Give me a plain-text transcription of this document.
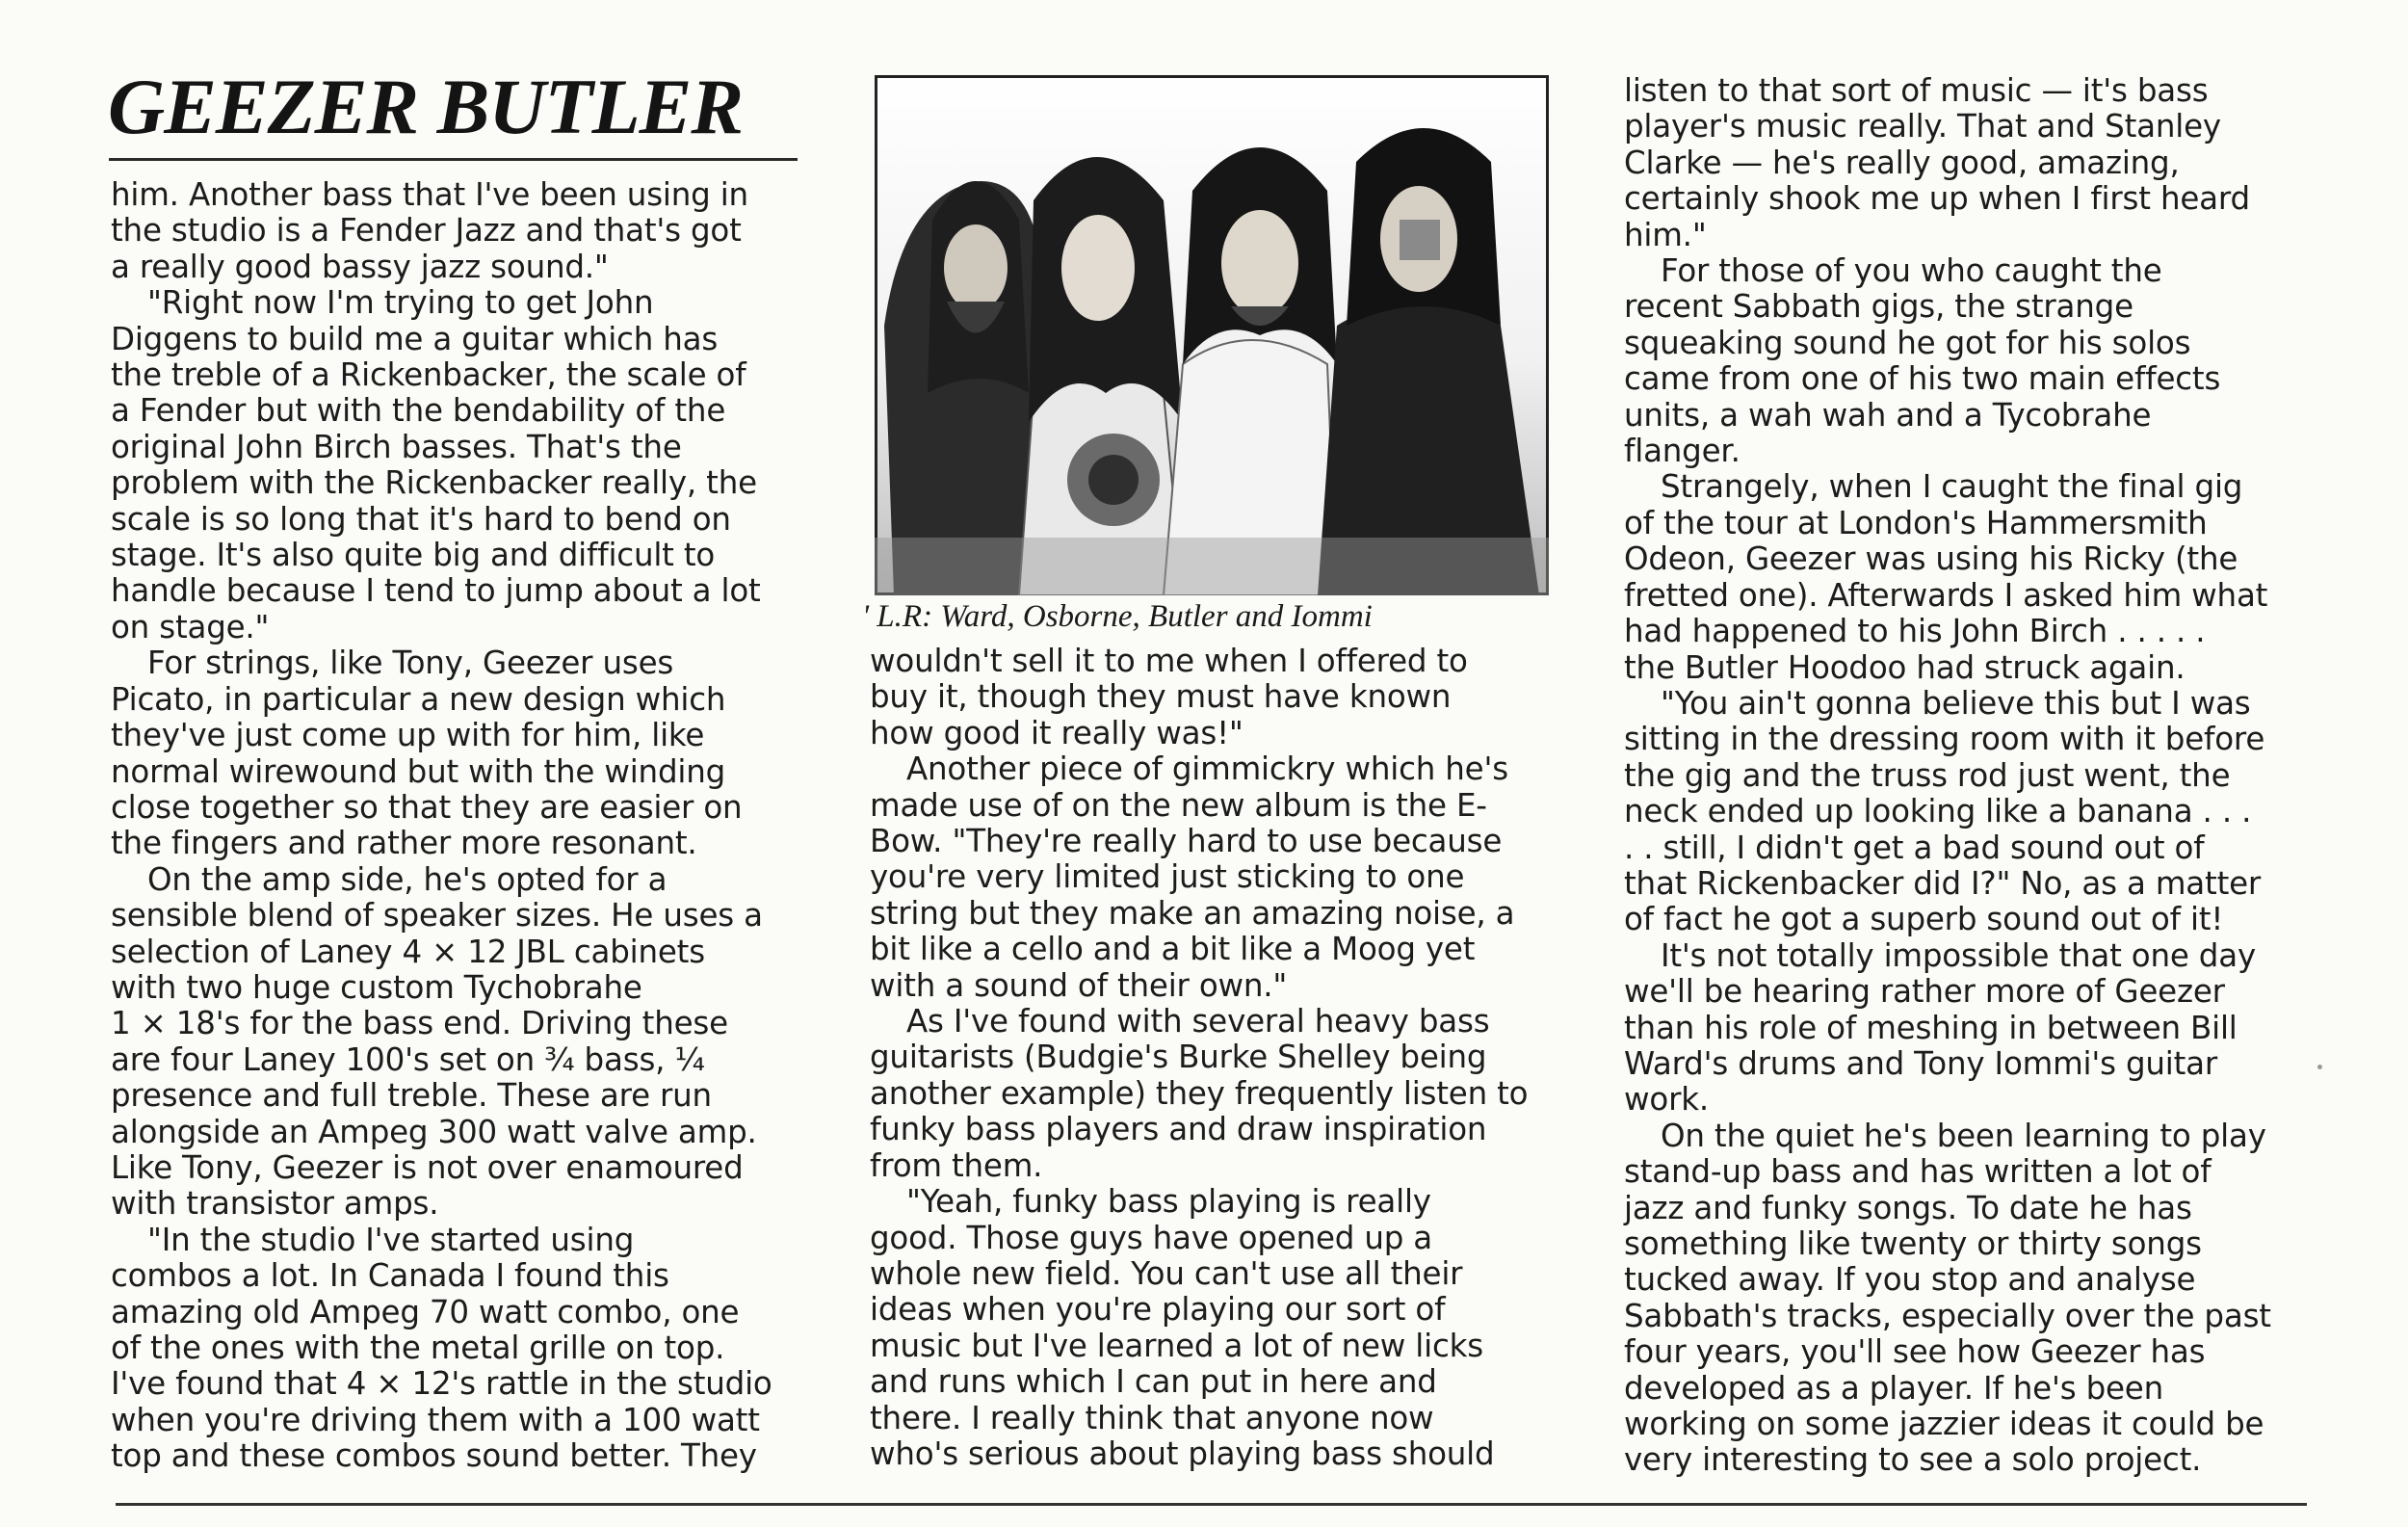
GEEZER BUTLER

him. Another bass that I've been using in
the studio is a Fender Jazz and that's got
a really good bassy jazz sound."

"Right now I'm trying to get John
Diggens to build me a guitar which has
the treble of a Rickenbacker, the scale of
a Fender but with the bendability of the
original John Birch basses. That's the
problem with the Rickenbacker really, the
scale is so long that it's hard to bend on
stage. It's also quite big and difficult to
handle because I tend to jump about a lot
on stage."

For strings, like Tony, Geezer uses
Picato, in particular a new design which
they've just come up with for him, like
normal wirewound but with the winding
close together so that they are easier on
the fingers and rather more resonant.

On the amp side, he's opted for a
sensible blend of speaker sizes. He uses a
selection of Laney 4 × 12 JBL cabinets
with two huge custom Tychobrahe
1 × 18's for the bass end. Driving these
are four Laney 100's set on ¾ bass, ¼
presence and full treble. These are run
alongside an Ampeg 300 watt valve amp.
Like Tony, Geezer is not over enamoured
with transistor amps.

"In the studio I've started using
combos a lot. In Canada I found this
amazing old Ampeg 70 watt combo, one
of the ones with the metal grille on top.
I've found that 4 × 12's rattle in the studio
when you're driving them with a 100 watt
top and these combos sound better. They

' L.R: Ward, Osborne, Butler and Iommi

wouldn't sell it to me when I offered to
buy it, though they must have known
how good it really was!"

Another piece of gimmickry which he's
made use of on the new album is the E-
Bow. "They're really hard to use because
you're very limited just sticking to one
string but they make an amazing noise, a
bit like a cello and a bit like a Moog yet
with a sound of their own."

As I've found with several heavy bass
guitarists (Budgie's Burke Shelley being
another example) they frequently listen to
funky bass players and draw inspiration
from them.

"Yeah, funky bass playing is really
good. Those guys have opened up a
whole new field. You can't use all their
ideas when you're playing our sort of
music but I've learned a lot of new licks
and runs which I can put in here and
there. I really think that anyone now
who's serious about playing bass should

listen to that sort of music — it's bass
player's music really. That and Stanley
Clarke — he's really good, amazing,
certainly shook me up when I first heard
him."

For those of you who caught the
recent Sabbath gigs, the strange
squeaking sound he got for his solos
came from one of his two main effects
units, a wah wah and a Tycobrahe
flanger.

Strangely, when I caught the final gig
of the tour at London's Hammersmith
Odeon, Geezer was using his Ricky (the
fretted one). Afterwards I asked him what
had happened to his John Birch . . . . .
the Butler Hoodoo had struck again.

"You ain't gonna believe this but I was
sitting in the dressing room with it before
the gig and the truss rod just went, the
neck ended up looking like a banana . . .
. . still, I didn't get a bad sound out of
that Rickenbacker did I?" No, as a matter
of fact he got a superb sound out of it!

It's not totally impossible that one day
we'll be hearing rather more of Geezer
than his role of meshing in between Bill
Ward's drums and Tony Iommi's guitar
work.

On the quiet he's been learning to play
stand-up bass and has written a lot of
jazz and funky songs. To date he has
something like twenty or thirty songs
tucked away. If you stop and analyse
Sabbath's tracks, especially over the past
four years, you'll see how Geezer has
developed as a player. If he's been
working on some jazzier ideas it could be
very interesting to see a solo project.
